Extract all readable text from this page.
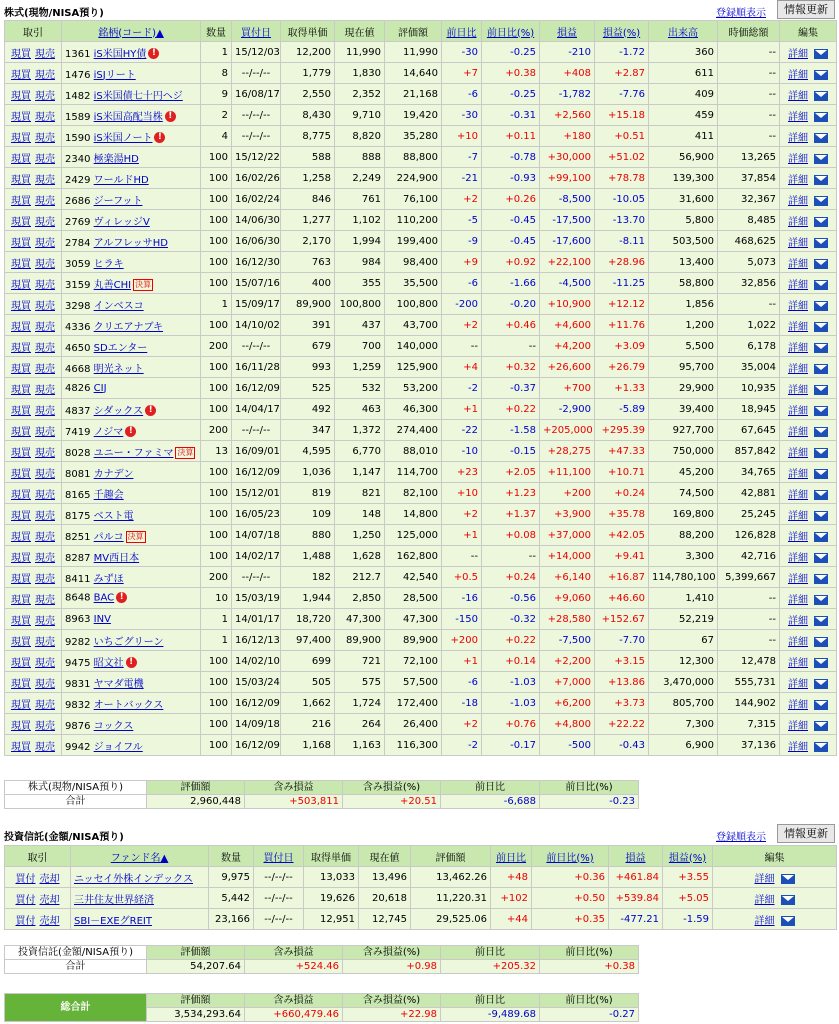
株式(現物/NISA預り)	登録順表示	情報更新
取引	銘柄(コード)▲	数量	買付日	取得単価	現在値	評価額	前日比	前日比(%)	損益	損益(%)	出来高	時価総額	編集
現買 現売	1361 iS米国HY債 !	1	15/12/03	12,200	11,990	11,990	-30	-0.25	-210	-1.72	360	--	詳細
現買 現売	1476 iSJリート	8	--/--/--	1,779	1,830	14,640	+7	+0.38	+408	+2.87	611	--	詳細
現買 現売	1482 iS米国債七十円ヘジ	9	16/08/17	2,550	2,352	21,168	-6	-0.25	-1,782	-7.76	409	--	詳細
現買 現売	1589 iS米国高配当株 !	2	--/--/--	8,430	9,710	19,420	-30	-0.31	+2,560	+15.18	459	--	詳細
現買 現売	1590 iS米国ノート !	4	--/--/--	8,775	8,820	35,280	+10	+0.11	+180	+0.51	411	--	詳細
現買 現売	2340 極楽湯HD	100	15/12/22	588	888	88,800	-7	-0.78	+30,000	+51.02	56,900	13,265	詳細
現買 現売	2429 ワールドHD	100	16/02/26	1,258	2,249	224,900	-21	-0.93	+99,100	+78.78	139,300	37,854	詳細
現買 現売	2686 ジーフット	100	16/02/24	846	761	76,100	+2	+0.26	-8,500	-10.05	31,600	32,367	詳細
現買 現売	2769 ヴィレッジV	100	14/06/30	1,277	1,102	110,200	-5	-0.45	-17,500	-13.70	5,800	8,485	詳細
現買 現売	2784 アルフレッサHD	100	16/06/30	2,170	1,994	199,400	-9	-0.45	-17,600	-8.11	503,500	468,625	詳細
現買 現売	3059 ヒラキ	100	16/12/30	763	984	98,400	+9	+0.92	+22,100	+28.96	13,400	5,073	詳細
現買 現売	3159 丸善CHI 決算	100	15/07/16	400	355	35,500	-6	-1.66	-4,500	-11.25	58,800	32,856	詳細
現買 現売	3298 インベスコ	1	15/09/17	89,900	100,800	100,800	-200	-0.20	+10,900	+12.12	1,856	--	詳細
現買 現売	4336 クリエアナブキ	100	14/10/02	391	437	43,700	+2	+0.46	+4,600	+11.76	1,200	1,022	詳細
現買 現売	4650 SDエンター	200	--/--/--	679	700	140,000	--	--	+4,200	+3.09	5,500	6,178	詳細
現買 現売	4668 明光ネット	100	16/11/28	993	1,259	125,900	+4	+0.32	+26,600	+26.79	95,700	35,004	詳細
現買 現売	4826 CIJ	100	16/12/09	525	532	53,200	-2	-0.37	+700	+1.33	29,900	10,935	詳細
現買 現売	4837 シダックス !	100	14/04/17	492	463	46,300	+1	+0.22	-2,900	-5.89	39,400	18,945	詳細
現買 現売	7419 ノジマ !	200	--/--/--	347	1,372	274,400	-22	-1.58	+205,000	+295.39	927,700	67,645	詳細
現買 現売	8028 ユニー・ファミマ 決算	13	16/09/01	4,595	6,770	88,010	-10	-0.15	+28,275	+47.33	750,000	857,842	詳細
現買 現売	8081 カナデン	100	16/12/09	1,036	1,147	114,700	+23	+2.05	+11,100	+10.71	45,200	34,765	詳細
現買 現売	8165 千趣会	100	15/12/01	819	821	82,100	+10	+1.23	+200	+0.24	74,500	42,881	詳細
現買 現売	8175 ベスト電	100	16/05/23	109	148	14,800	+2	+1.37	+3,900	+35.78	169,800	25,245	詳細
現買 現売	8251 パルコ 決算	100	14/07/18	880	1,250	125,000	+1	+0.08	+37,000	+42.05	88,200	126,828	詳細
現買 現売	8287 MV西日本	100	14/02/17	1,488	1,628	162,800	--	--	+14,000	+9.41	3,300	42,716	詳細
現買 現売	8411 みずほ	200	--/--/--	182	212.7	42,540	+0.5	+0.24	+6,140	+16.87	114,780,100	5,399,667	詳細
現買 現売	8648 BAC !	10	15/03/19	1,944	2,850	28,500	-16	-0.56	+9,060	+46.60	1,410	--	詳細
現買 現売	8963 INV	1	14/01/17	18,720	47,300	47,300	-150	-0.32	+28,580	+152.67	52,219	--	詳細
現買 現売	9282 いちごグリーン	1	16/12/13	97,400	89,900	89,900	+200	+0.22	-7,500	-7.70	67	--	詳細
現買 現売	9475 昭文社 !	100	14/02/10	699	721	72,100	+1	+0.14	+2,200	+3.15	12,300	12,478	詳細
現買 現売	9831 ヤマダ電機	100	15/03/24	505	575	57,500	-6	-1.03	+7,000	+13.86	3,470,000	555,731	詳細
現買 現売	9832 オートバックス	100	16/12/09	1,662	1,724	172,400	-18	-1.03	+6,200	+3.73	805,700	144,902	詳細
現買 現売	9876 コックス	100	14/09/18	216	264	26,400	+2	+0.76	+4,800	+22.22	7,300	7,315	詳細
現買 現売	9942 ジョイフル	100	16/12/09	1,168	1,163	116,300	-2	-0.17	-500	-0.43	6,900	37,136	詳細
株式(現物/NISA預り)	評価額	含み損益	含み損益(%)	前日比	前日比(%)
合計	2,960,448	+503,811	+20.51	-6,688	-0.23
投資信託(金額/NISA預り)	登録順表示	情報更新
取引	ファンド名▲	数量	買付日	取得単価	現在値	評価額	前日比	前日比(%)	損益	損益(%)	編集
買付 売却	ニッセイ外株インデックス	9,975	--/--/--	13,033	13,496	13,462.26	+48	+0.36	+461.84	+3.55	詳細
買付 売却	三井住友世界経済	5,442	--/--/--	19,626	20,618	11,220.31	+102	+0.50	+539.84	+5.05	詳細
買付 売却	SBI－EXEグREIT	23,166	--/--/--	12,951	12,745	29,525.06	+44	+0.35	-477.21	-1.59	詳細
投資信託(金額/NISA預り)	評価額	含み損益	含み損益(%)	前日比	前日比(%)
合計	54,207.64	+524.46	+0.98	+205.32	+0.38
総合計	評価額	含み損益	含み損益(%)	前日比	前日比(%)
	3,534,293.64	+660,479.46	+22.98	-9,489.68	-0.27
